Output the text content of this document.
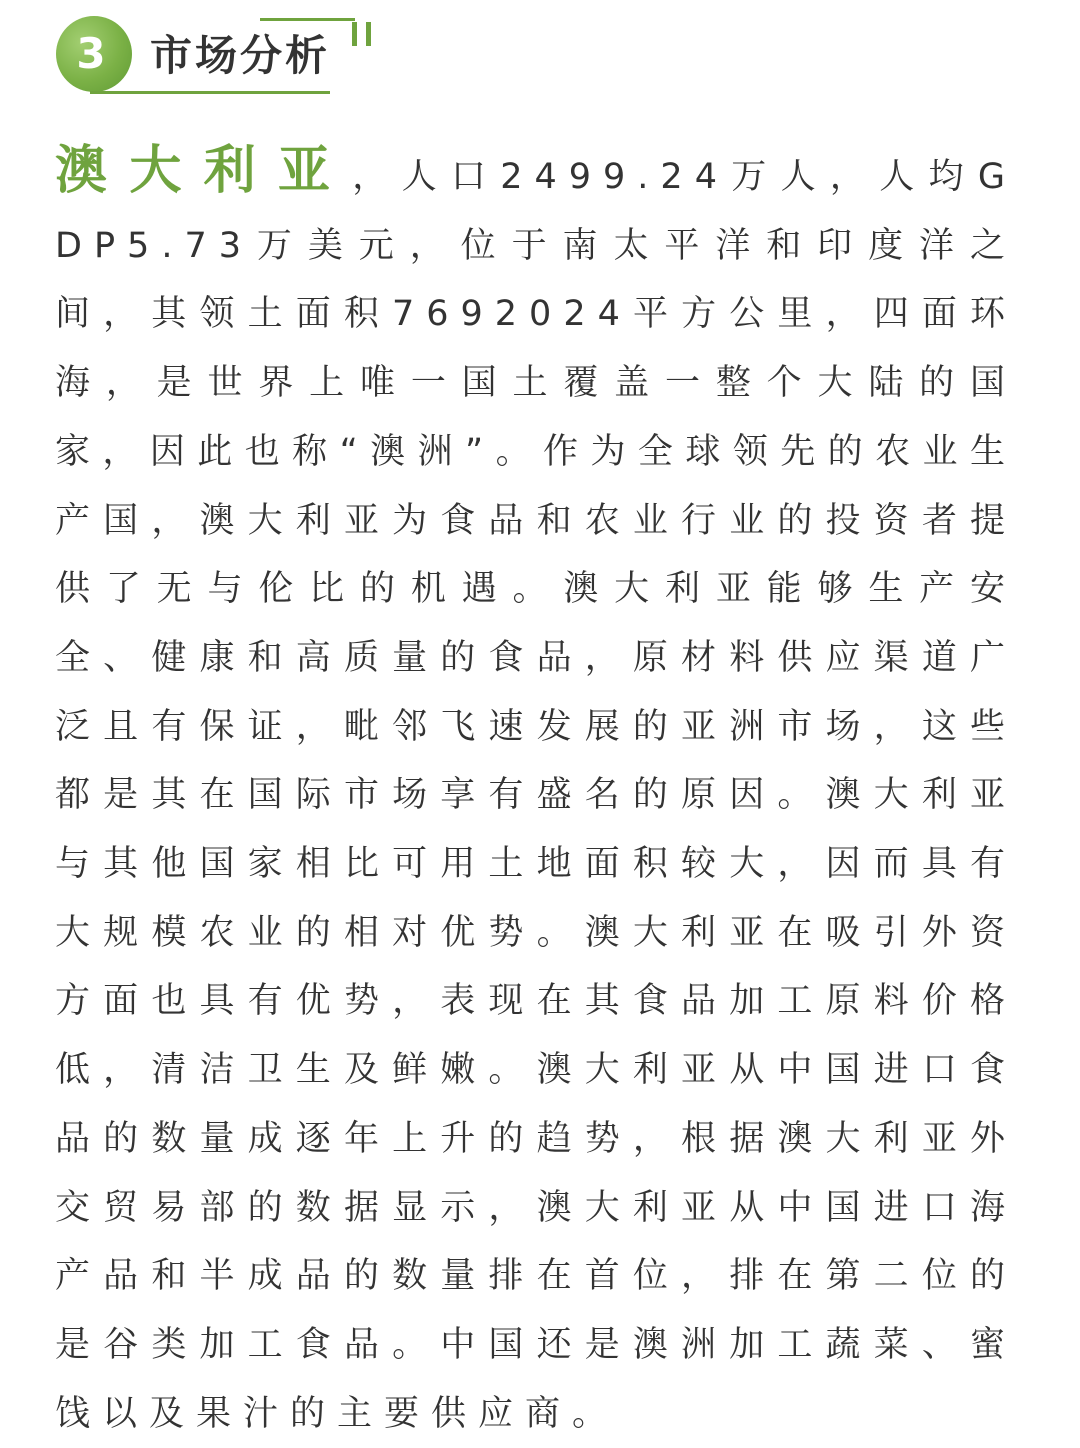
3	市场分析
澳大利亚，人口2499.24万人，人均GDP5.73万美元，位于南太平洋和印度洋之间，其领土面积7692024平方公里，四面环海，是世界上唯一国土覆盖一整个大陆的国家，因此也称“澳洲”。作为全球领先的农业生产国，澳大利亚为食品和农业行业的投资者提供了无与伦比的机遇。澳大利亚能够生产安全、健康和高质量的食品，原材料供应渠道广泛且有保证，毗邻飞速发展的亚洲市场，这些都是其在国际市场享有盛名的原因。澳大利亚与其他国家相比可用土地面积较大，因而具有大规模农业的相对优势。澳大利亚在吸引外资方面也具有优势，表现在其食品加工原料价格低，清洁卫生及鲜嫩。澳大利亚从中国进口食品的数量成逐年上升的趋势，根据澳大利亚外交贸易部的数据显示，澳大利亚从中国进口海产品和半成品的数量排在首位，排在第二位的是谷类加工食品。中国还是澳洲加工蔬菜、蜜饯以及果汁的主要供应商。
